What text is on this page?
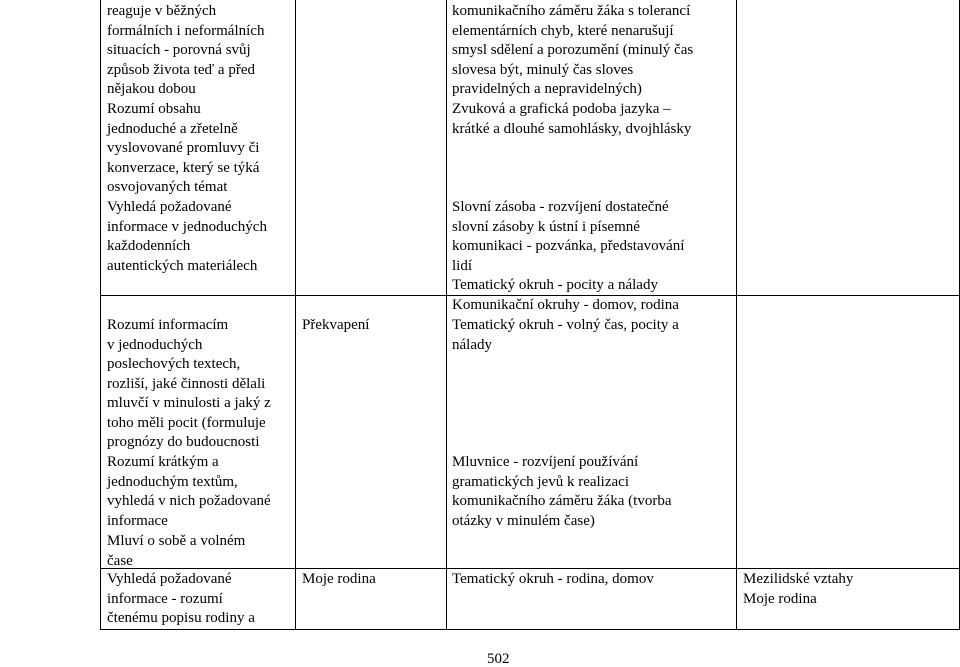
reaguje v běžných
formálních i neformálních
situacích - porovná svůj
způsob života teď a před
nějakou dobou
Rozumí obsahu
jednoduché a zřetelně
vyslovované promluvy či
konverzace, který se týká
osvojovaných témat
Vyhledá požadované
informace v jednoduchých
každodenních
autentických materiálech
Rozumí informacím
v jednoduchých
poslechových textech,
rozliší, jaké činnosti dělali
mluvčí v minulosti a jaký z
toho měli pocit (formuluje
prognózy do budoucnosti
Rozumí krátkým a
jednoduchým textům,
vyhledá v nich požadované
informace
Mluví o sobě a volném
čase
Vyhledá požadované
informace - rozumí
čtenému popisu rodiny a
Překvapení
Moje rodina
komunikačního záměru žáka s tolerancí
elementárních chyb, které nenarušují
smysl sdělení a porozumění (minulý čas
slovesa být, minulý čas sloves
pravidelných a nepravidelných)
Zvuková a grafická podoba jazyka –
krátké a dlouhé samohlásky, dvojhlásky
Slovní zásoba - rozvíjení dostatečné
slovní zásoby k ústní i písemné
komunikaci - pozvánka, představování
lidí
Tematický okruh - pocity a nálady
Komunikační okruhy - domov, rodina
Tematický okruh - volný čas, pocity a
nálady
Mluvnice - rozvíjení používání
gramatických jevů k realizaci
komunikačního záměru žáka (tvorba
otázky v minulém čase)
Tematický okruh - rodina, domov	Mezilidské vztahy
Moje rodina
502
